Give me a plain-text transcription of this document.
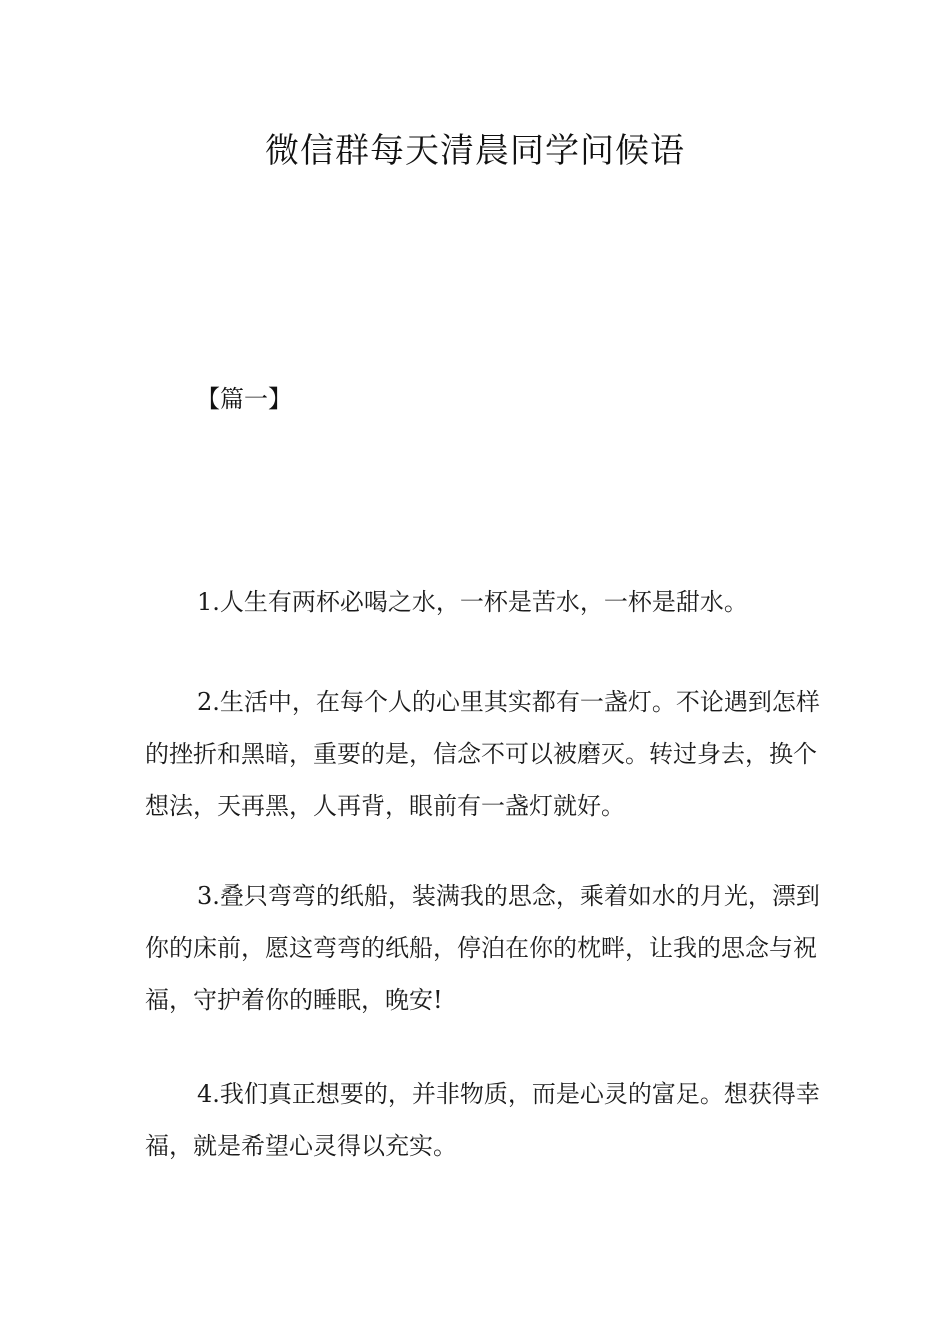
微信群每天清晨同学问候语
【篇一】

1.人生有两杯必喝之水，一杯是苦水，一杯是甜水。

2.生活中，在每个人的心里其实都有一盏灯。不论遇到怎样的挫折和黑暗，重要的是，信念不可以被磨灭。转过身去，换个想法，天再黑，人再背，眼前有一盏灯就好。

3.叠只弯弯的纸船，装满我的思念，乘着如水的月光，漂到你的床前，愿这弯弯的纸船，停泊在你的枕畔，让我的思念与祝福，守护着你的睡眠，晚安!

4.我们真正想要的，并非物质，而是心灵的富足。想获得幸福，就是希望心灵得以充实。
